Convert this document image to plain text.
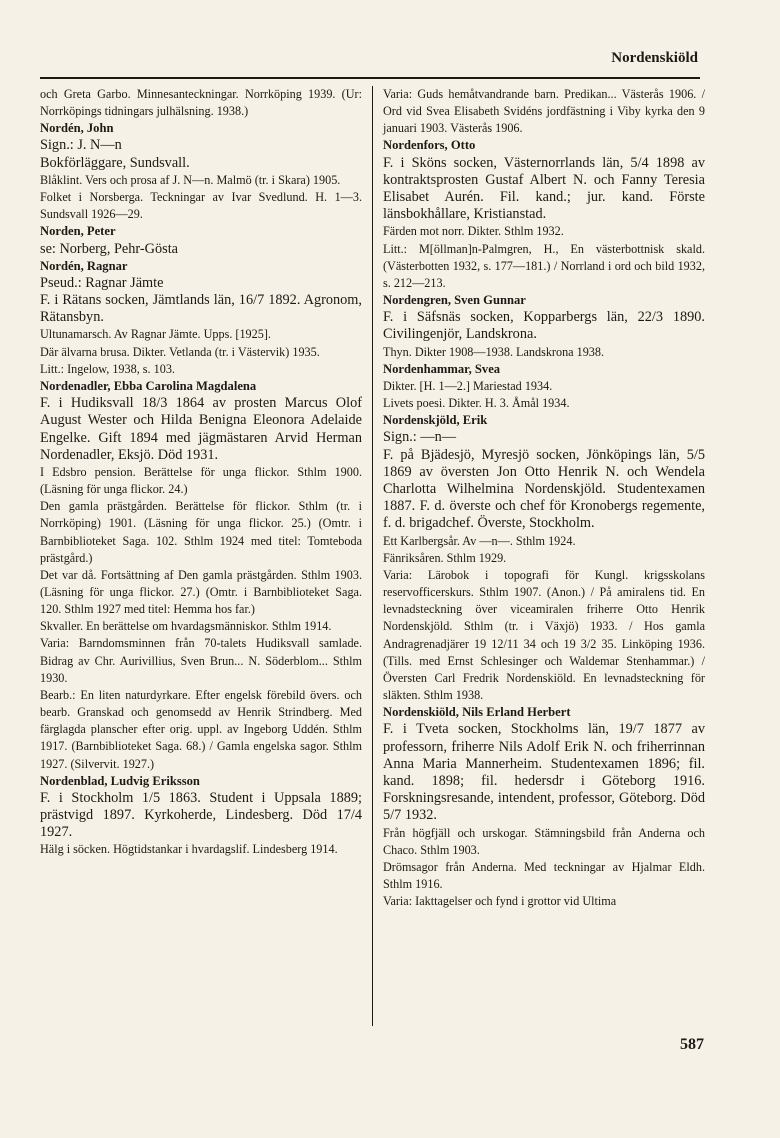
Nordenskiöld

och Greta Garbo. Minnesanteckningar. Norrköping 1939. (Ur: Norrköpings tidningars julhälsning. 1938.)

Nordén, John

Sign.: J. N—n

Bokförläggare, Sundsvall.

Blåklint. Vers och prosa af J. N—n. Malmö (tr. i Skara) 1905.

Folket i Norsberga. Teckningar av Ivar Svedlund. H. 1—3. Sundsvall 1926—29.

Norden, Peter

se: Norberg, Pehr-Gösta

Nordén, Ragnar

Pseud.: Ragnar Jämte

F. i Rätans socken, Jämtlands län, 16/7 1892. Agronom, Rätansbyn.

Ultunamarsch. Av Ragnar Jämte. Upps. [1925].

Där älvarna brusa. Dikter. Vetlanda (tr. i Västervik) 1935.

Litt.: Ingelow, 1938, s. 103.

Nordenadler, Ebba Carolina Magdalena

F. i Hudiksvall 18/3 1864 av prosten Marcus Olof August Wester och Hilda Benigna Eleonora Adelaide Engelke. Gift 1894 med jägmästaren Arvid Herman Nordenadler, Eksjö. Död 1931.

I Edsbro pension. Berättelse för unga flickor. Sthlm 1900. (Läsning för unga flickor. 24.)

Den gamla prästgården. Berättelse för flickor. Sthlm (tr. i Norrköping) 1901. (Läsning för unga flickor. 25.) (Omtr. i Barnbiblioteket Saga. 102. Sthlm 1924 med titel: Tomteboda prästgård.)

Det var då. Fortsättning af Den gamla prästgården. Sthlm 1903. (Läsning för unga flickor. 27.) (Omtr. i Barnbiblioteket Saga. 120. Sthlm 1927 med titel: Hemma hos far.)

Skvaller. En berättelse om hvardagsmänniskor. Sthlm 1914.

Varia: Barndomsminnen från 70-talets Hudiksvall samlade. Bidrag av Chr. Aurivillius, Sven Brun... N. Söderblom... Sthlm 1930.

Bearb.: En liten naturdyrkare. Efter engelsk förebild övers. och bearb. Granskad och genomsedd av Henrik Strindberg. Med färglagda planscher efter orig. uppl. av Ingeborg Uddén. Sthlm 1917. (Barnbiblioteket Saga. 68.) / Gamla engelska sagor. Sthlm 1927. (Silvervit. 1927.)

Nordenblad, Ludvig Eriksson

F. i Stockholm 1/5 1863. Student i Uppsala 1889; prästvigd 1897. Kyrkoherde, Lindesberg. Död 17/4 1927.

Hälg i söcken. Högtidstankar i hvardagslif. Lindesberg 1914.

Varia: Guds hemåtvandrande barn. Predikan... Västerås 1906. / Ord vid Svea Elisabeth Svidéns jordfästning i Viby kyrka den 9 januari 1903. Västerås 1906.

Nordenfors, Otto

F. i Sköns socken, Västernorrlands län, 5/4 1898 av kontraktsprosten Gustaf Albert N. och Fanny Teresia Elisabet Aurén. Fil. kand.; jur. kand. Förste länsbokhållare, Kristianstad.

Färden mot norr. Dikter. Sthlm 1932.

Litt.: M[öllman]n-Palmgren, H., En västerbottnisk skald. (Västerbotten 1932, s. 177—181.) / Norrland i ord och bild 1932, s. 212—213.

Nordengren, Sven Gunnar

F. i Säfsnäs socken, Kopparbergs län, 22/3 1890. Civilingenjör, Landskrona.

Thyn. Dikter 1908—1938. Landskrona 1938.

Nordenhammar, Svea

Dikter. [H. 1—2.] Mariestad 1934.

Livets poesi. Dikter. H. 3. Åmål 1934.

Nordenskjöld, Erik

Sign.: —n—

F. på Bjädesjö, Myresjö socken, Jönköpings län, 5/5 1869 av översten Jon Otto Henrik N. och Wendela Charlotta Wilhelmina Nordenskjöld. Studentexamen 1887. F. d. överste och chef för Kronobergs regemente, f. d. brigadchef. Överste, Stockholm.

Ett Karlbergsår. Av —n—. Sthlm 1924.

Fänriksåren. Sthlm 1929.

Varia: Lärobok i topografi för Kungl. krigsskolans reservofficerskurs. Sthlm 1907. (Anon.) / På amiralens tid. En levnadsteckning över viceamiralen friherre Otto Henrik Nordenskjöld. Sthlm (tr. i Växjö) 1933. / Hos gamla Andragrenadjärer 19 12/11 34 och 19 3/2 35. Linköping 1936. (Tills. med Ernst Schlesinger och Waldemar Stenhammar.) / Översten Carl Fredrik Nordenskiöld. En levnadsteckning för släkten. Sthlm 1938.

Nordenskiöld, Nils Erland Herbert

F. i Tveta socken, Stockholms län, 19/7 1877 av professorn, friherre Nils Adolf Erik N. och friherrinnan Anna Maria Mannerheim. Studentexamen 1896; fil. kand. 1898; fil. hedersdr i Göteborg 1916. Forskningsresande, intendent, professor, Göteborg. Död 5/7 1932.

Från högfjäll och urskogar. Stämningsbild från Anderna och Chaco. Sthlm 1903.

Drömsagor från Anderna. Med teckningar av Hjalmar Eldh. Sthlm 1916.

Varia: Iakttagelser och fynd i grottor vid Ultima

587
